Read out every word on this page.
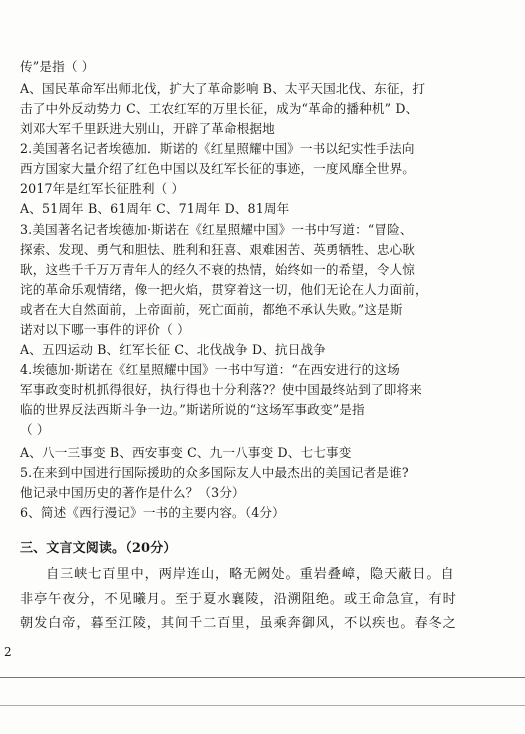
传”是指（ ）
A、国民革命军出师北伐，扩大了革命影响 B、太平天国北伐、东征，打
击了中外反动势力 C、工农红军的万里长征，成为“革命的播种机” D、
刘邓大军千里跃进大别山，开辟了革命根据地
2.美国著名记者埃德加．斯诺的《红星照耀中国》一书以纪实性手法向
西方国家大量介绍了红色中国以及红军长征的事迹，一度风靡全世界。
2017年是红军长征胜利（ ）
A、51周年 B、61周年 C、71周年 D、81周年
3.美国著名记者埃德加·斯诺在《红星照耀中国》一书中写道：“冒险、
探索、发现、勇气和胆怯、胜利和狂喜、艰难困苦、英勇牺牲、忠心耿
耿，这些千千万万青年人的经久不衰的热情，始终如一的希望，令人惊
诧的革命乐观情绪，像一把火焰，贯穿着这一切，他们无论在人力面前，
或者在大自然面前，上帝面前，死亡面前，都绝不承认失败。”这是斯
诺对以下哪一事件的评价（ ）
A、五四运动 B、红军长征 C、北伐战争 D、抗日战争
4.埃德加·斯诺在《红星照耀中国》一书中写道：“在西安进行的这场
军事政变时机抓得很好，执行得也十分利落?？使中国最终站到了即将来
临的世界反法西斯斗争一边。”斯诺所说的“这场军事政变”是指
（ ）
A、八一三事变 B、西安事变 C、九一八事变 D、七七事变
5.在来到中国进行国际援助的众多国际友人中最杰出的美国记者是谁?
他记录中国历史的著作是什么？（3分）
6、简述《西行漫记》一书的主要内容。（4分）
三、文言文阅读。（20分）
自三峡七百里中，两岸连山，略无阙处。重岩叠嶂，隐天蔽日。自
非亭午夜分，不见曦月。至于夏水襄陵，沿溯阻绝。或王命急宣，有时
朝发白帝，暮至江陵，其间千二百里，虽乘奔御风，不以疾也。春冬之
2
